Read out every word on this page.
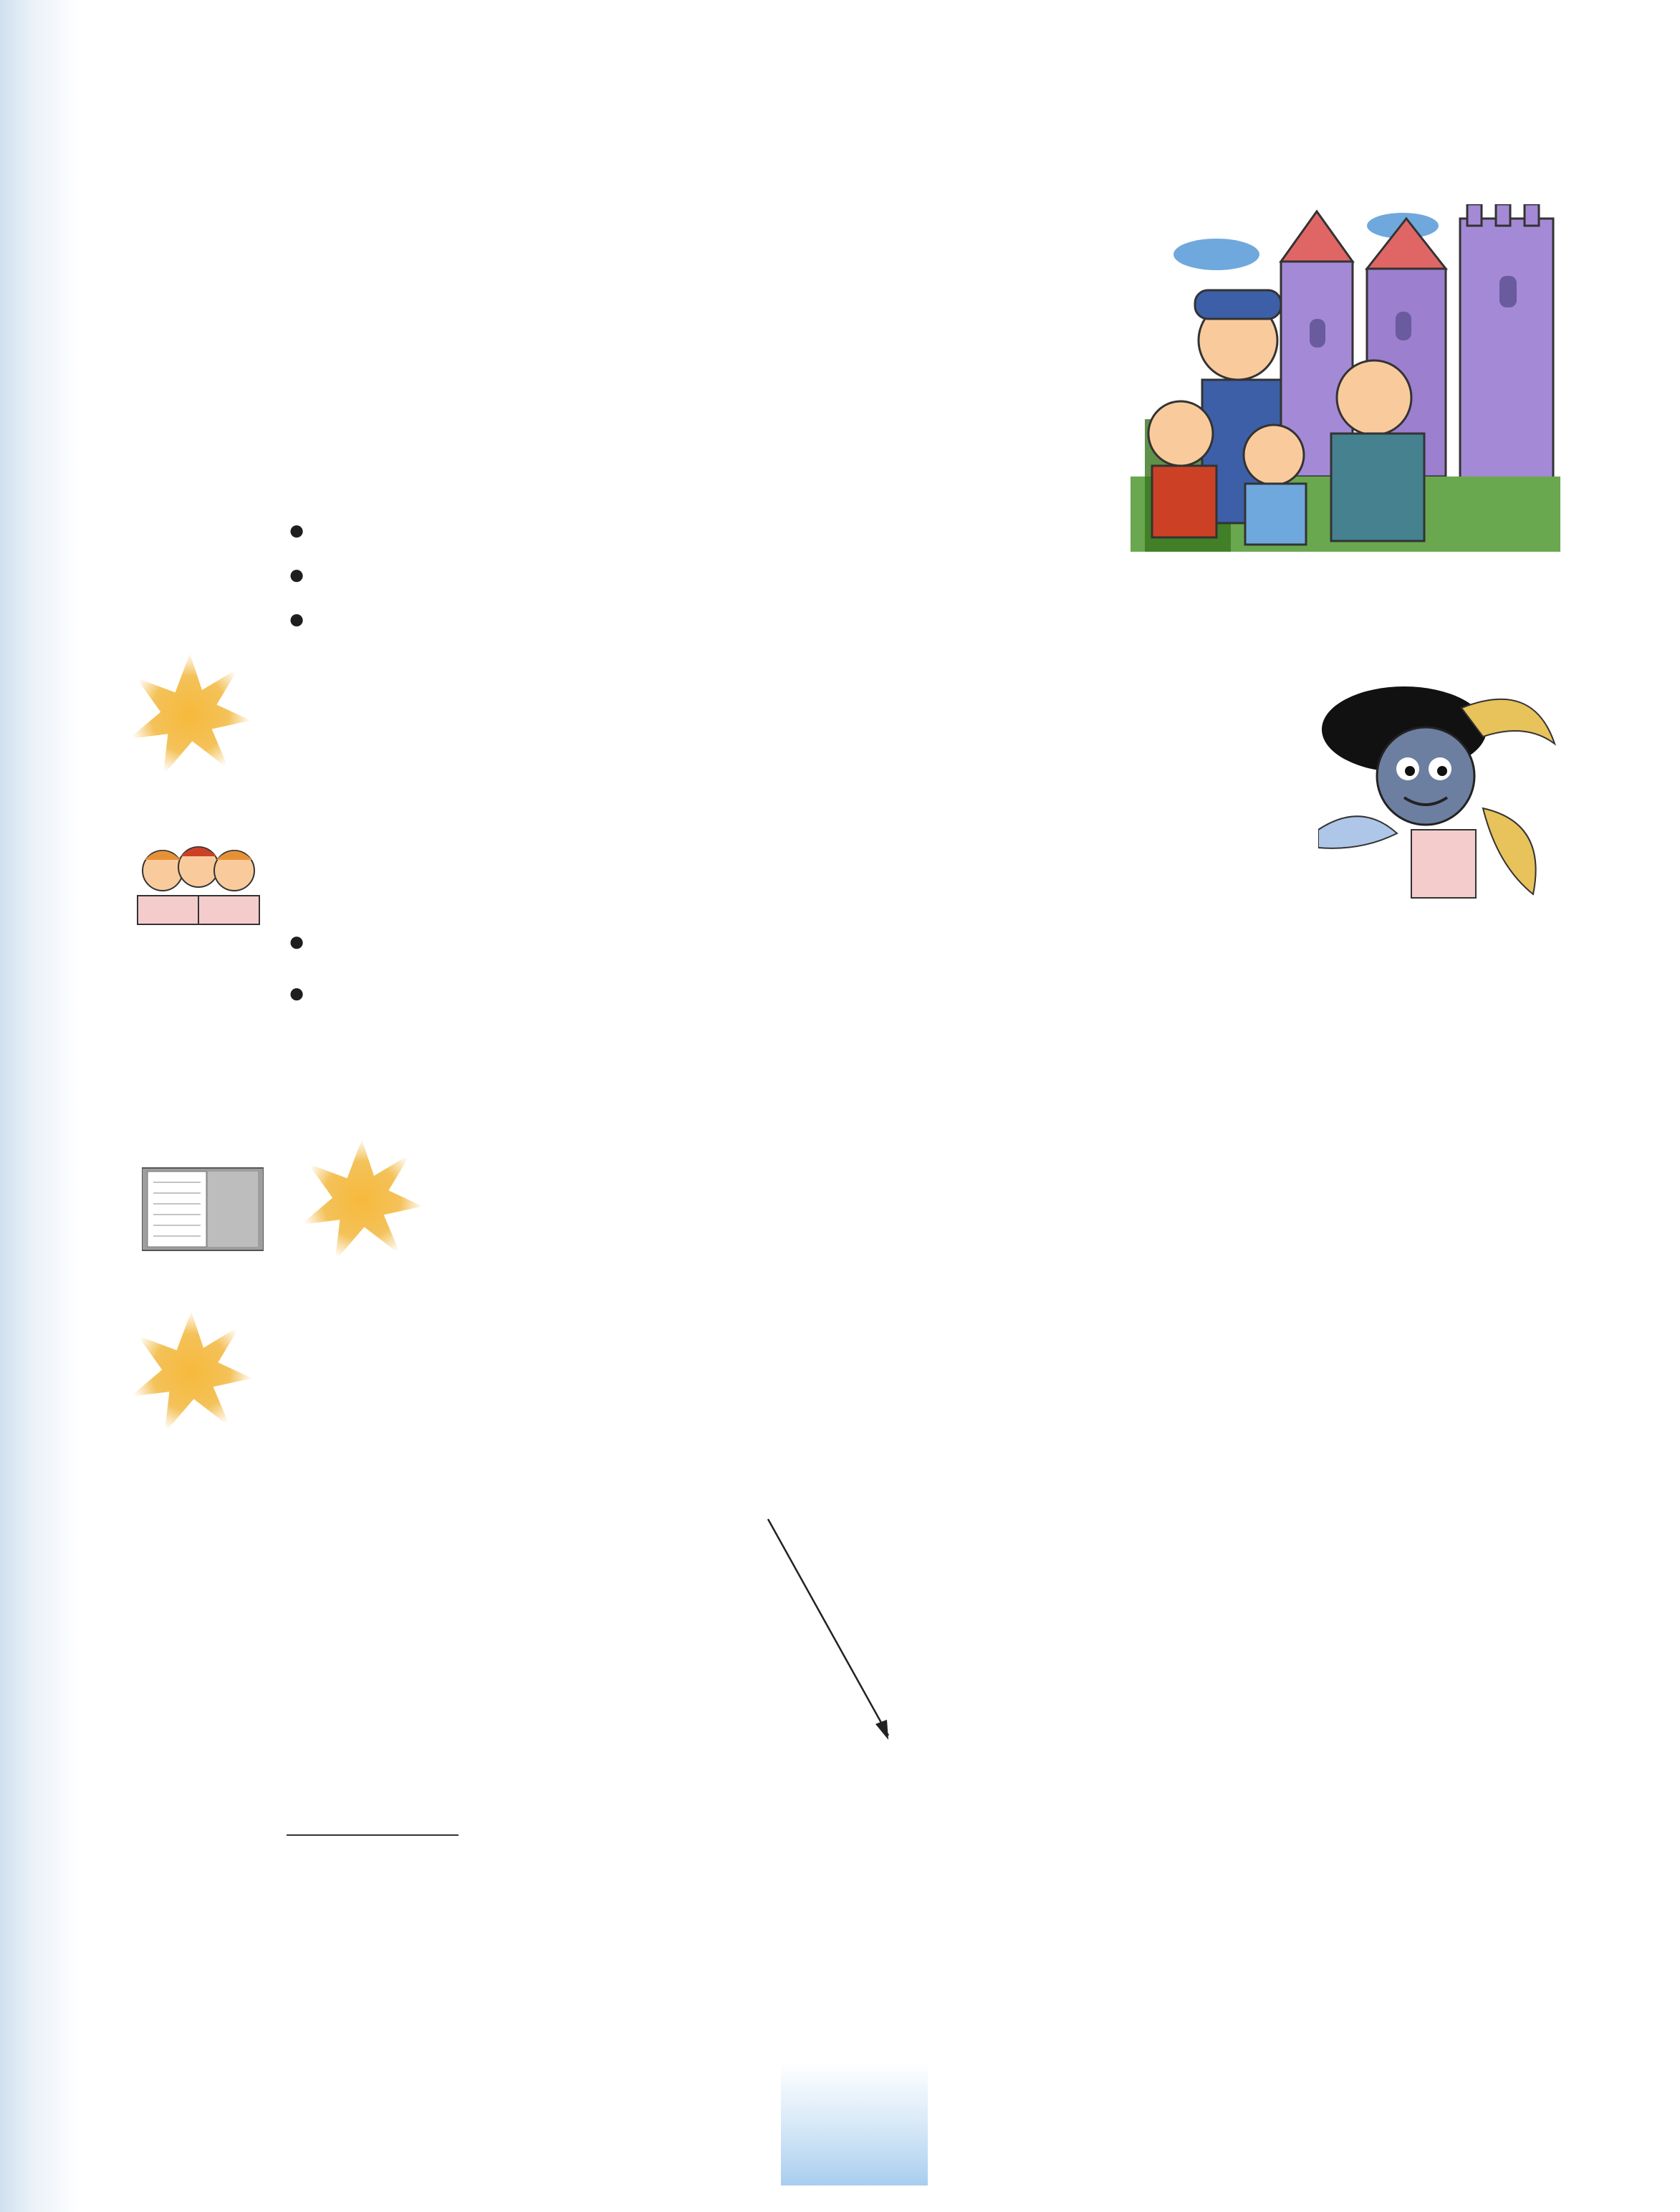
●
●
●
●
●
